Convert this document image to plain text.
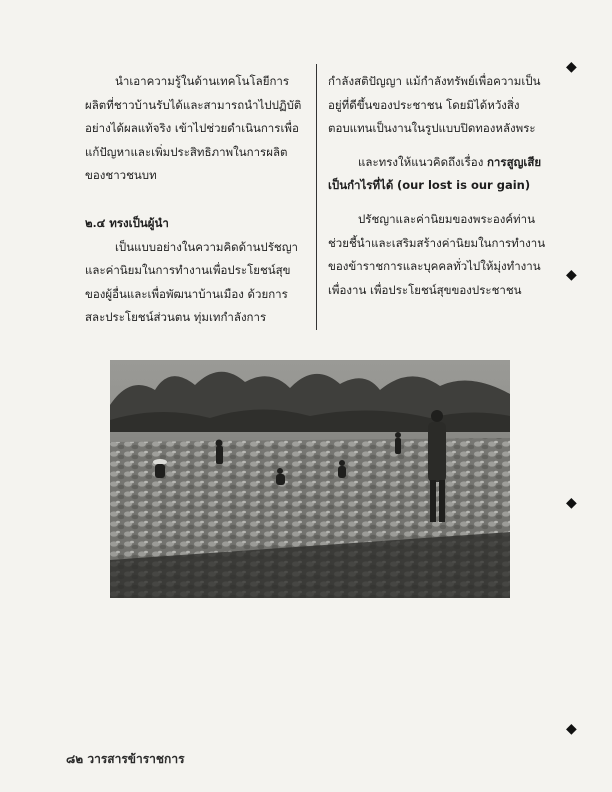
นำเอาความรู้ในด้านเทคโนโลยีการผลิตที่ชาวบ้านรับได้และสามารถนำไปปฏิบัติอย่างได้ผลแท้จริง เข้าไปช่วยดำเนินการเพื่อแก้ปัญหาและเพิ่มประสิทธิภาพในการผลิตของชาวชนบท

๒.๔ ทรงเป็นผู้นำ

เป็นแบบอย่างในความคิดด้านปรัชญาและค่านิยมในการทำงานเพื่อประโยชน์สุขของผู้อื่นและเพื่อพัฒนาบ้านเมือง ด้วยการสละประโยชน์ส่วนตน ทุ่มเทกำลังการ

กำลังสติปัญญา แม้กำลังทรัพย์เพื่อความเป็นอยู่ที่ดีขึ้นของประชาชน โดยมิได้หวังสิ่งตอบแทนเป็นงานในรูปแบบปิดทองหลังพระ

และทรงให้แนวคิดถึงเรื่อง การสูญเสียเป็นกำไรที่ได้ (our lost is our gain)

ปรัชญาและค่านิยมของพระองค์ท่านช่วยชี้นำและเสริมสร้างค่านิยมในการทำงานของข้าราชการและบุคคลทั่วไปให้มุ่งทำงานเพื่องาน เพื่อประโยชน์สุขของประชาชน

๘๒ วารสารข้าราชการ
◆
◆
◆
◆
